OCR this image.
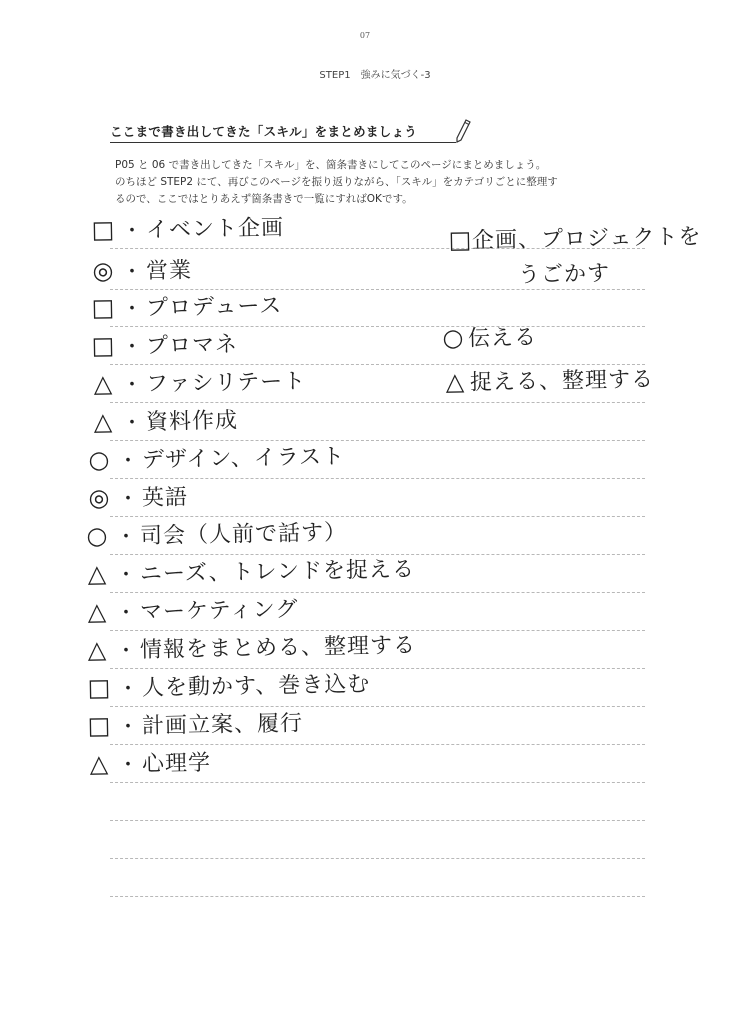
07
STEP1　強みに気づく-3
ここまで書き出してきた「スキル」をまとめましょう
P05 と 06 で書き出してきた「スキル」を、箇条書きにしてこのページにまとめましょう。
のちほど STEP2 にて、再びこのページを振り返りながら、「スキル」をカテゴリごとに整理す
るので、ここではとりあえず箇条書きで一覧にすればOKです。
□ ・ イベント企画
◎ ・ 営業
□ ・ プロデュース
□ ・ プロマネ
△ ・ ファシリテート
△ ・ 資料作成
○ ・ デザイン、イラスト
◎ ・ 英語
○ ・ 司会（人前で話す）
△ ・ ニーズ、トレンドを捉える
△ ・ マーケティング
△ ・ 情報をまとめる、整理する
□ ・ 人を動かす、巻き込む
□ ・ 計画立案、履行
△ ・ 心理学
□企画、プロジェクトを
うごかす
○ 伝える
△ 捉える、整理する
